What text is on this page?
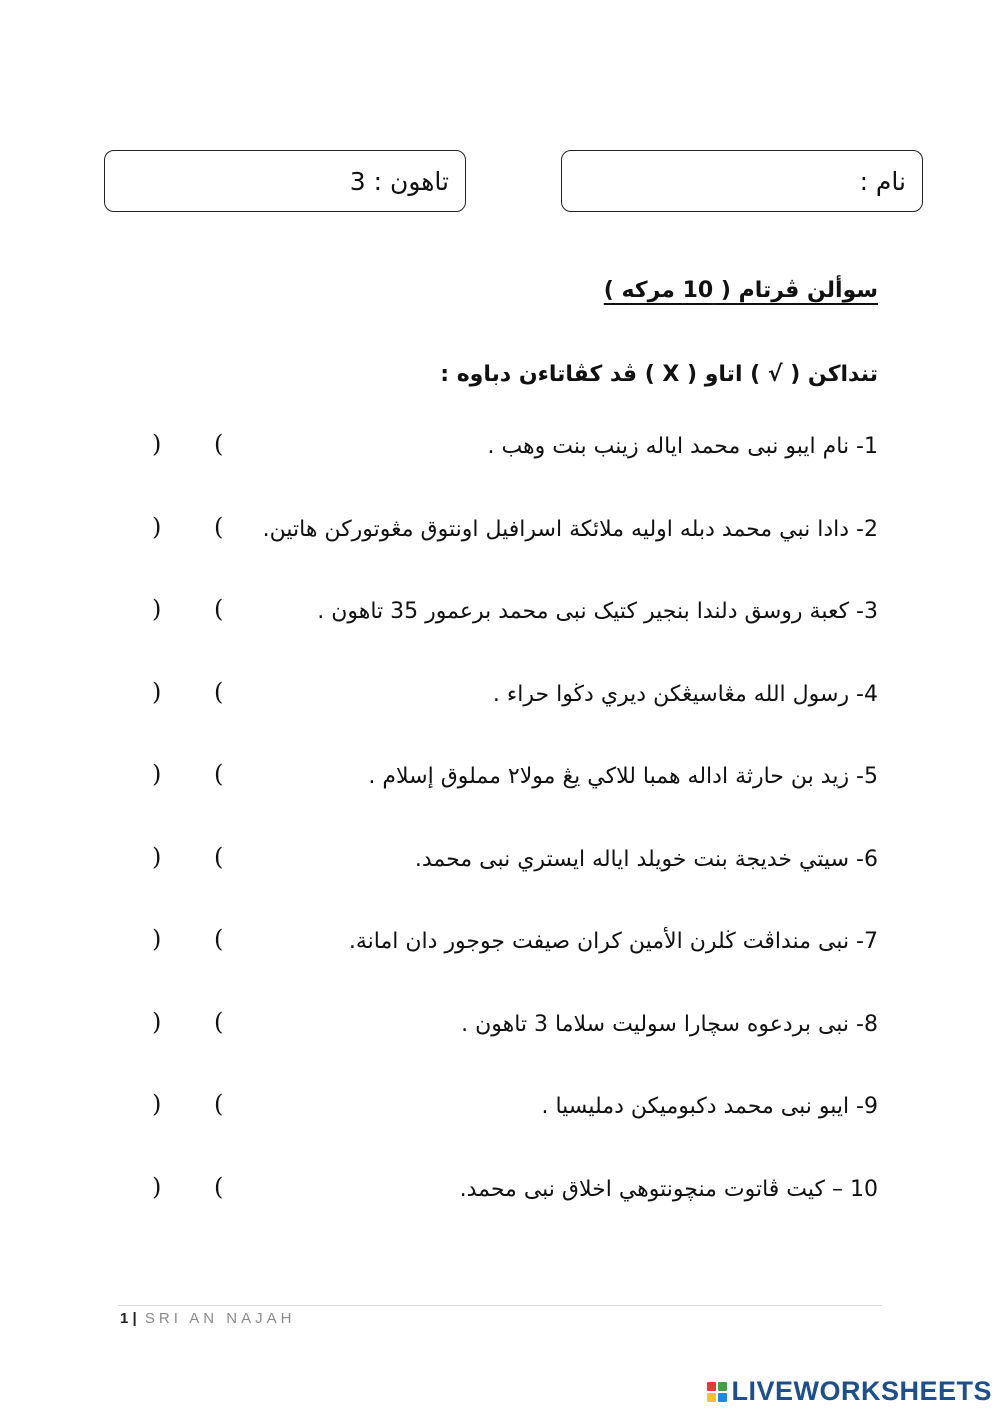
نام :
تاهون : 3
سوألن ڤرتام ( 10 مركه )
تنداكن ( √ ) اتاو ( X ) ڤد كڤاتاءن دباوه :
1- نام ايبو نبى محمد اياله زينب بنت وهب .
(
)
2- دادا نبي محمد دبله اوليه ملائكة اسرافيل اونتوق مڠوتوركن هاتين.
(
)
3- كعبة روسق دلندا بنجير كتيک نبى محمد برعمور 35 تاهون .
(
)
4- رسول الله مڠاسيڠكن ديري دڬوا حراء .
(
)
5- زيد بن حارثة اداله همبا للاكي يڠ مولا٢ مملوق إسلام .
(
)
6- سيتي خديجة بنت خويلد اياله ايستري نبى محمد.
(
)
7- نبى منداڤت ڬلرن الأمين كران صيفت جوجور دان امانة.
(
)
8- نبى بردعوه سچارا سوليت سلاما 3 تاهون .
(
)
9- ايبو نبى محمد دكبوميكن دمليسيا .
(
)
10 – كيت ڤاتوت منچونتوهي اخلاق نبى محمد.
(
)
1 | SRI AN NAJAH
LIVEWORKSHEETS
